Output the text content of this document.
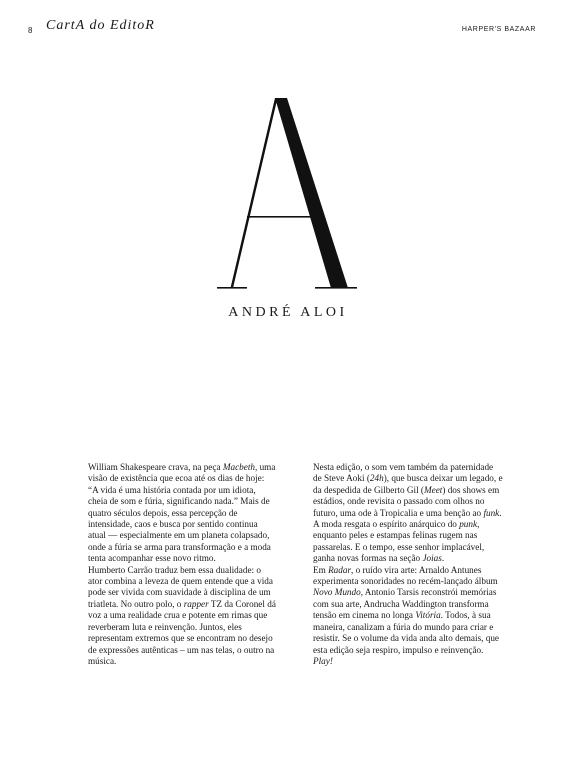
8 CartA do EditoR	HARPER'S BAZAAR
ANDRÉ ALOI

William Shakespeare crava, na peça Macbeth, uma visão de existência que ecoa até os dias de hoje: “A vida é uma história contada por um idiota, cheia de som e fúria, significando nada.” Mais de quatro séculos depois, essa percepção de intensidade, caos e busca por sentido continua atual — especialmente em um planeta colapsado, onde a fúria se arma para transformação e a moda tenta acompanhar esse novo ritmo.

Humberto Carrão traduz bem essa dualidade: o ator combina a leveza de quem entende que a vida pode ser vivida com suavidade à disciplina de um triatleta. No outro polo, o rapper TZ da Coronel dá voz a uma realidade crua e potente em rimas que reverberam luta e reinvenção. Juntos, eles representam extremos que se encontram no desejo de expressões autênticas – um nas telas, o outro na música.

Nesta edição, o som vem também da paternidade de Steve Aoki (24h), que busca deixar um legado, e da despedida de Gilberto Gil (Meet) dos shows em estádios, onde revisita o passado com olhos no futuro, uma ode à Tropicalia e uma benção ao funk. A moda resgata o espírito anárquico do punk, enquanto peles e estampas felinas rugem nas passarelas. E o tempo, esse senhor implacável, ganha novas formas na seção Joias.

Em Radar, o ruído vira arte: Arnaldo Antunes experimenta sonoridades no recém-lançado álbum Novo Mundo, Antonio Tarsis reconstrói memórias com sua arte, Andrucha Waddington transforma tensão em cinema no longa Vitória. Todos, à sua maneira, canalizam a fúria do mundo para criar e resistir. Se o volume da vida anda alto demais, que esta edição seja respiro, impulso e reinvenção. Play!
